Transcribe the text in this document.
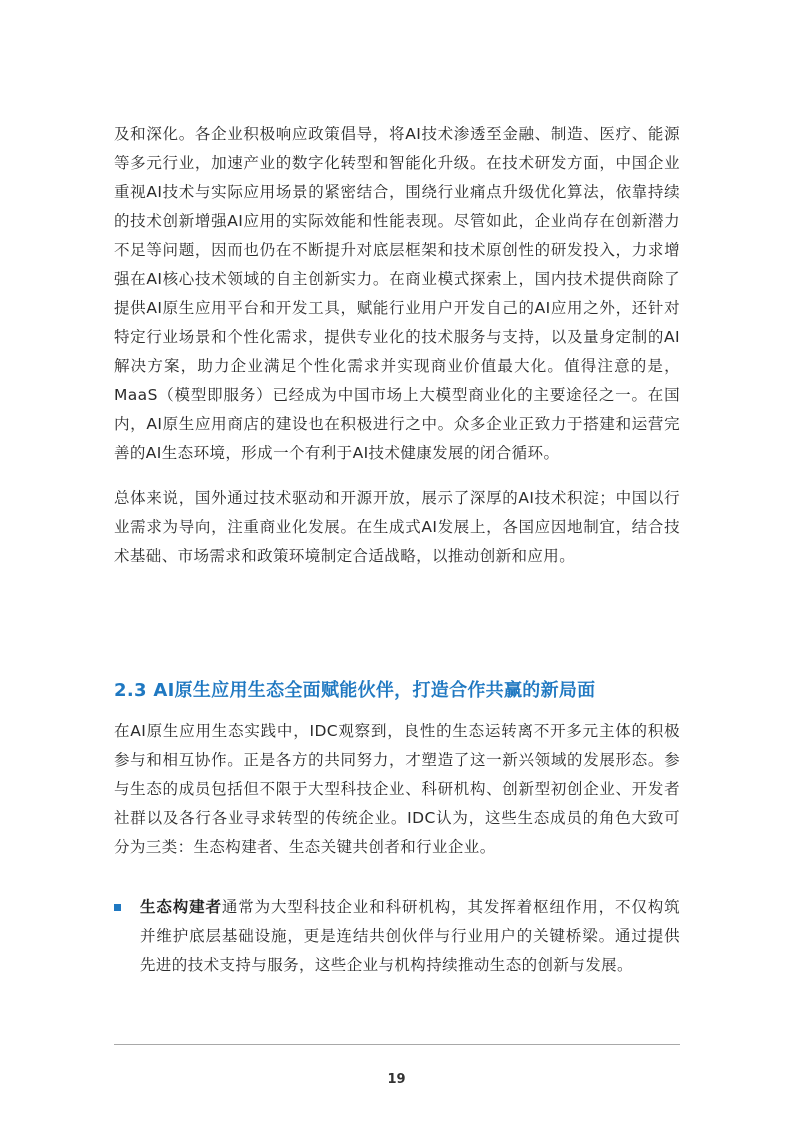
及和深化。各企业积极响应政策倡导，将AI技术渗透至金融、制造、医疗、能源等多元行业，加速产业的数字化转型和智能化升级。在技术研发方面，中国企业重视AI技术与实际应用场景的紧密结合，围绕行业痛点升级优化算法，依靠持续的技术创新增强AI应用的实际效能和性能表现。尽管如此，企业尚存在创新潜力不足等问题，因而也仍在不断提升对底层框架和技术原创性的研发投入，力求增强在AI核心技术领域的自主创新实力。在商业模式探索上，国内技术提供商除了提供AI原生应用平台和开发工具，赋能行业用户开发自己的AI应用之外，还针对特定行业场景和个性化需求，提供专业化的技术服务与支持，以及量身定制的AI解决方案，助力企业满足个性化需求并实现商业价值最大化。值得注意的是，MaaS（模型即服务）已经成为中国市场上大模型商业化的主要途径之一。在国内，AI原生应用商店的建设也在积极进行之中。众多企业正致力于搭建和运营完善的AI生态环境，形成一个有利于AI技术健康发展的闭合循环。

总体来说，国外通过技术驱动和开源开放，展示了深厚的AI技术积淀；中国以行业需求为导向，注重商业化发展。在生成式AI发展上，各国应因地制宜，结合技术基础、市场需求和政策环境制定合适战略，以推动创新和应用。

2.3 AI原生应用生态全面赋能伙伴，打造合作共赢的新局面

在AI原生应用生态实践中，IDC观察到，良性的生态运转离不开多元主体的积极参与和相互协作。正是各方的共同努力，才塑造了这一新兴领域的发展形态。参与生态的成员包括但不限于大型科技企业、科研机构、创新型初创企业、开发者社群以及各行各业寻求转型的传统企业。IDC认为，这些生态成员的角色大致可分为三类：生态构建者、生态关键共创者和行业企业。

生态构建者通常为大型科技企业和科研机构，其发挥着枢纽作用，不仅构筑并维护底层基础设施，更是连结共创伙伴与行业用户的关键桥梁。通过提供先进的技术支持与服务，这些企业与机构持续推动生态的创新与发展。
19
